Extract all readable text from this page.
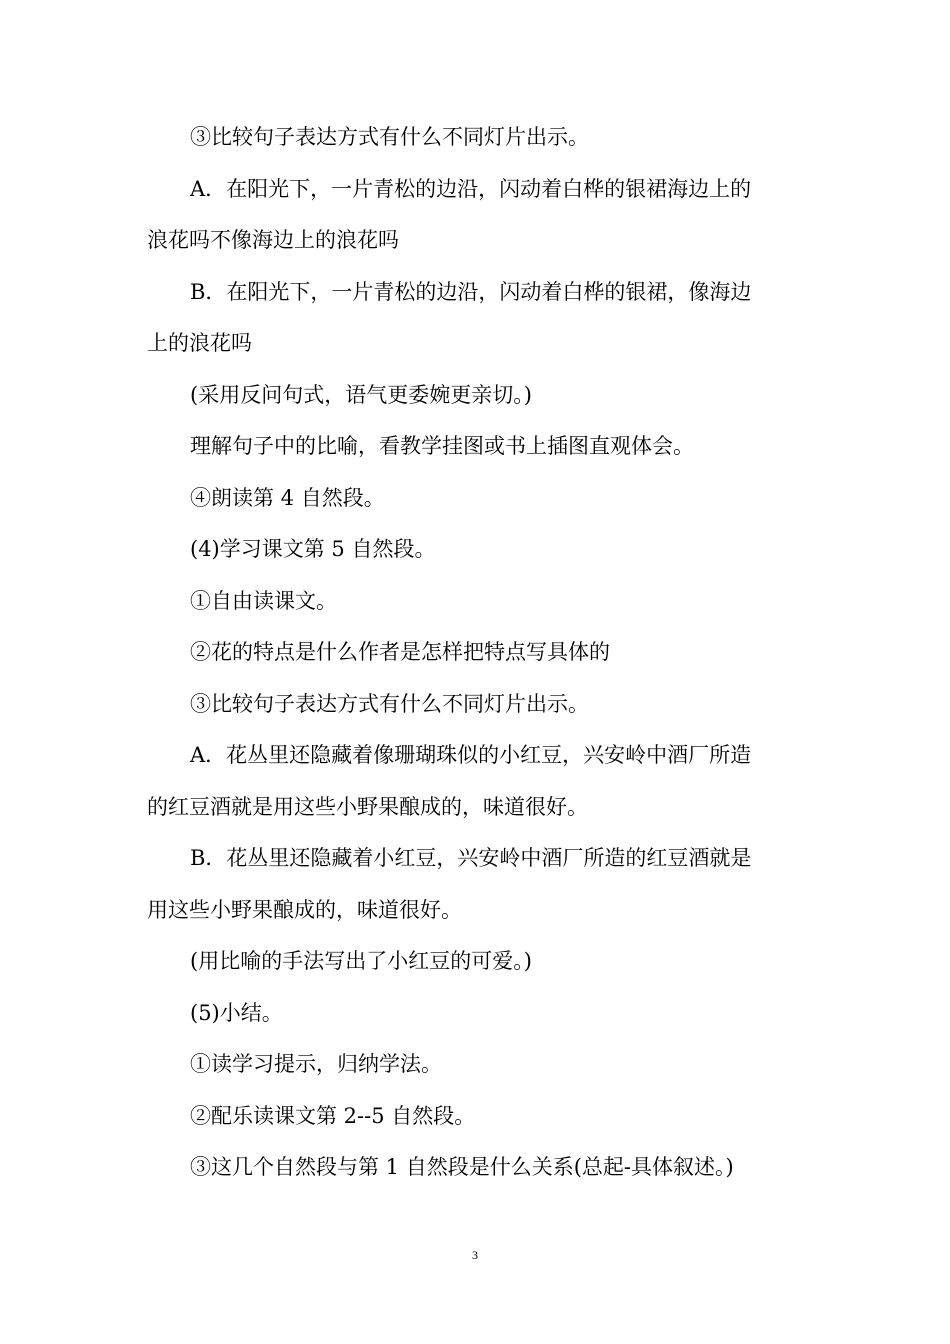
③比较句子表达方式有什么不同灯片出示。
A．在阳光下，一片青松的边沿，闪动着白桦的银裙海边上的
浪花吗不像海边上的浪花吗
B．在阳光下，一片青松的边沿，闪动着白桦的银裙，像海边
上的浪花吗
(采用反问句式，语气更委婉更亲切。)
理解句子中的比喻，看教学挂图或书上插图直观体会。
④朗读第 4 自然段。
(4)学习课文第 5 自然段。
①自由读课文。
②花的特点是什么作者是怎样把特点写具体的
③比较句子表达方式有什么不同灯片出示。
A．花丛里还隐藏着像珊瑚珠似的小红豆，兴安岭中酒厂所造
的红豆酒就是用这些小野果酿成的，味道很好。
B．花丛里还隐藏着小红豆，兴安岭中酒厂所造的红豆酒就是
用这些小野果酿成的，味道很好。
(用比喻的手法写出了小红豆的可爱。)
(5)小结。
①读学习提示，归纳学法。
②配乐读课文第 2--5 自然段。
③这几个自然段与第 1 自然段是什么关系(总起-具体叙述。)
3
